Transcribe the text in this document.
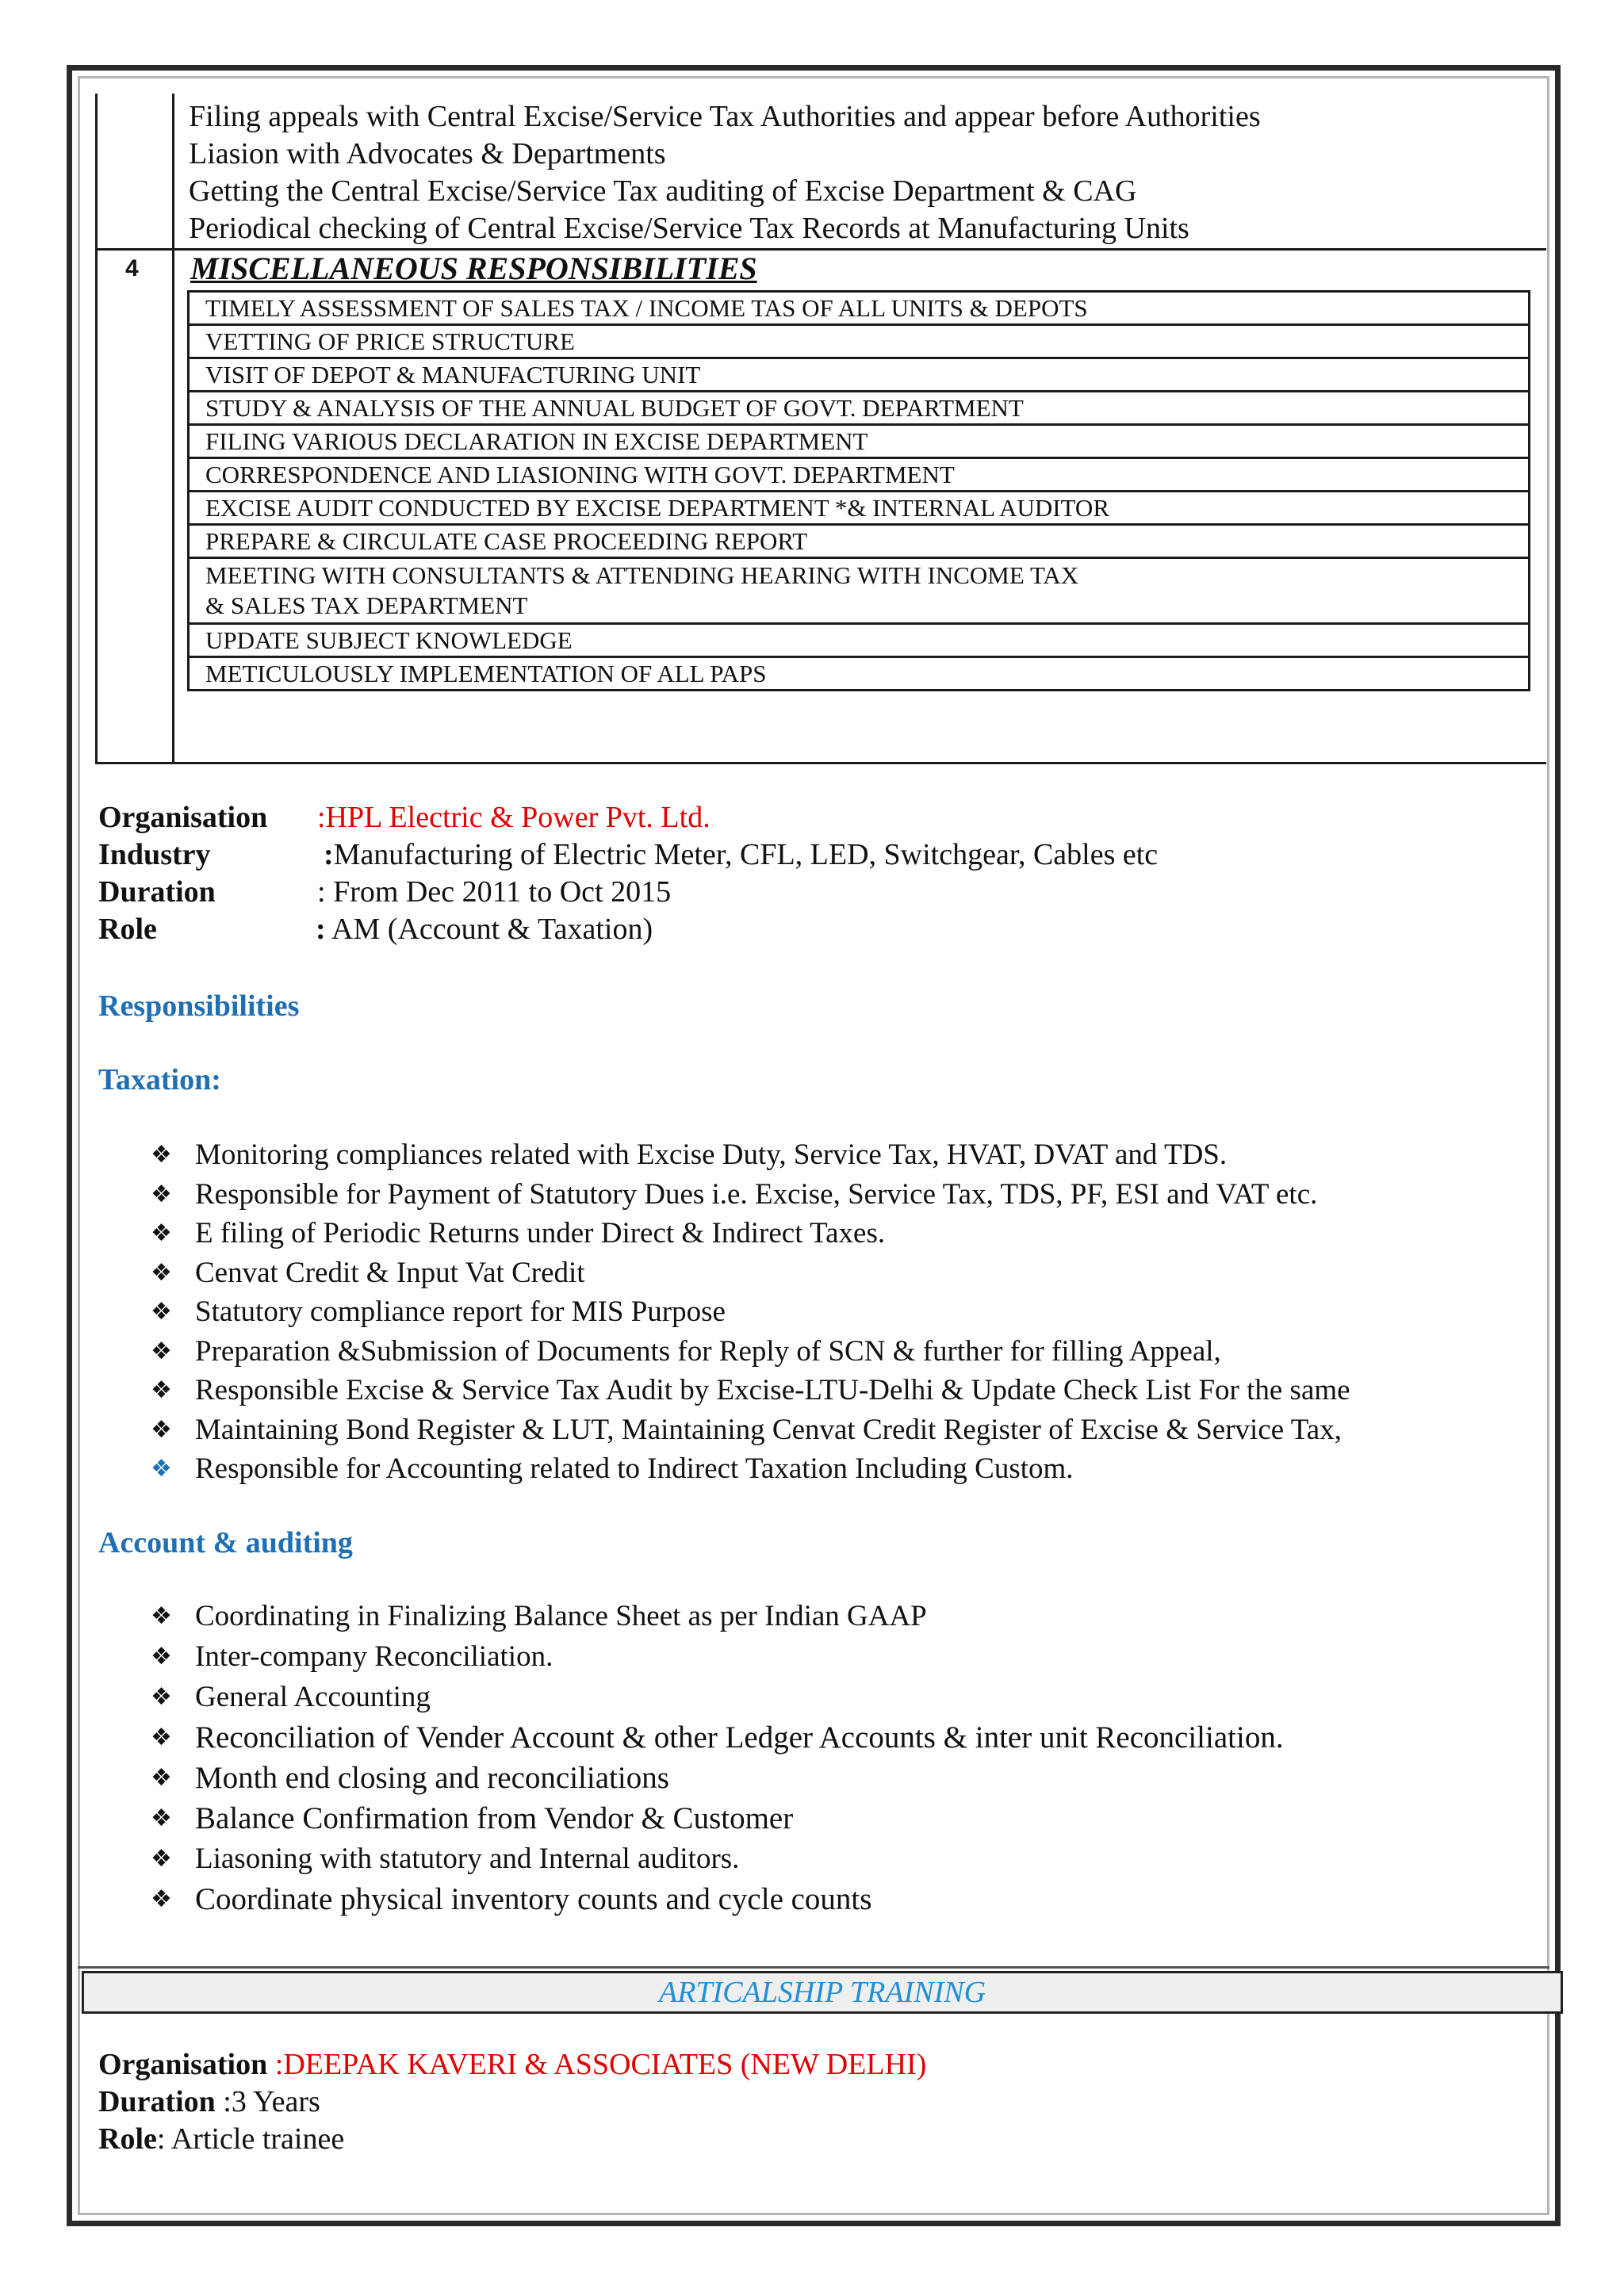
Filing appeals with Central Excise/Service Tax Authorities and appear before Authorities
Liasion with Advocates & Departments
Getting the Central Excise/Service Tax auditing of Excise Department & CAG
Periodical checking of Central Excise/Service Tax Records at Manufacturing Units
4 MISCELLANEOUS RESPONSIBILITIES
TIMELY ASSESSMENT OF SALES TAX / INCOME TAS OF ALL UNITS & DEPOTS
VETTING OF PRICE STRUCTURE
VISIT OF DEPOT & MANUFACTURING UNIT
STUDY & ANALYSIS OF THE ANNUAL BUDGET OF GOVT. DEPARTMENT
FILING VARIOUS DECLARATION IN EXCISE DEPARTMENT
CORRESPONDENCE AND LIASIONING WITH GOVT. DEPARTMENT
EXCISE AUDIT CONDUCTED BY EXCISE DEPARTMENT *& INTERNAL AUDITOR
PREPARE & CIRCULATE CASE PROCEEDING REPORT
MEETING WITH CONSULTANTS & ATTENDING HEARING WITH INCOME TAX
& SALES TAX DEPARTMENT
UPDATE SUBJECT KNOWLEDGE
METICULOUSLY IMPLEMENTATION OF ALL PAPS
Organisation :HPL Electric & Power Pvt. Ltd.
Industry	:Manufacturing of Electric Meter, CFL, LED, Switchgear, Cables etc
Duration	: From Dec 2011 to Oct 2015
Role	: AM (Account & Taxation)
Responsibilities
Taxation:
❖ Monitoring compliances related with Excise Duty, Service Tax, HVAT, DVAT and TDS.
❖ Responsible for Payment of Statutory Dues i.e. Excise, Service Tax, TDS, PF, ESI and VAT etc.
❖ E filing of Periodic Returns under Direct & Indirect Taxes.
❖ Cenvat Credit & Input Vat Credit
❖ Statutory compliance report for MIS Purpose
❖ Preparation &Submission of Documents for Reply of SCN & further for filling Appeal,
❖ Responsible Excise & Service Tax Audit by Excise-LTU-Delhi & Update Check List For the same
❖ Maintaining Bond Register & LUT, Maintaining Cenvat Credit Register of Excise & Service Tax,
❖ Responsible for Accounting related to Indirect Taxation Including Custom.
Account & auditing
❖ Coordinating in Finalizing Balance Sheet as per Indian GAAP
❖ Inter-company Reconciliation.
❖ General Accounting
❖ Reconciliation of Vender Account & other Ledger Accounts & inter unit Reconciliation.
❖ Month end closing and reconciliations
❖ Balance Confirmation from Vendor & Customer
❖ Liasoning with statutory and Internal auditors.
❖ Coordinate physical inventory counts and cycle counts
ARTICALSHIP TRAINING
Organisation :DEEPAK KAVERI & ASSOCIATES (NEW DELHI)
Duration :3 Years
Role: Article trainee
